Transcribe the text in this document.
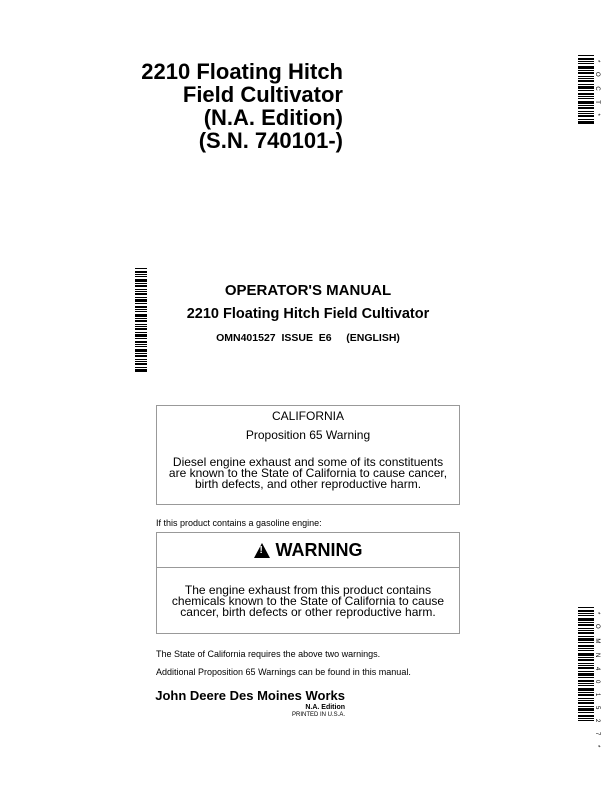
2210 Floating Hitch
Field Cultivator
(N.A. Edition)
(S.N. 740101-)
* O C T *
* O M N 4 0 1 5 2 7 *
OPERATOR'S MANUAL
2210 Floating Hitch Field Cultivator
OMN401527  ISSUE  E6     (ENGLISH)
CALIFORNIA
Proposition 65 Warning
Diesel engine exhaust and some of its constituents are known to the State of California to cause cancer, birth defects, and other reproductive harm.
If this product contains a gasoline engine:
!
WARNING
The engine exhaust from this product contains chemicals known to the State of California to cause cancer, birth defects or other reproductive harm.
The State of California requires the above two warnings.
Additional Proposition 65 Warnings can be found in this manual.
John Deere Des Moines Works
N.A. Edition
PRINTED IN U.S.A.
